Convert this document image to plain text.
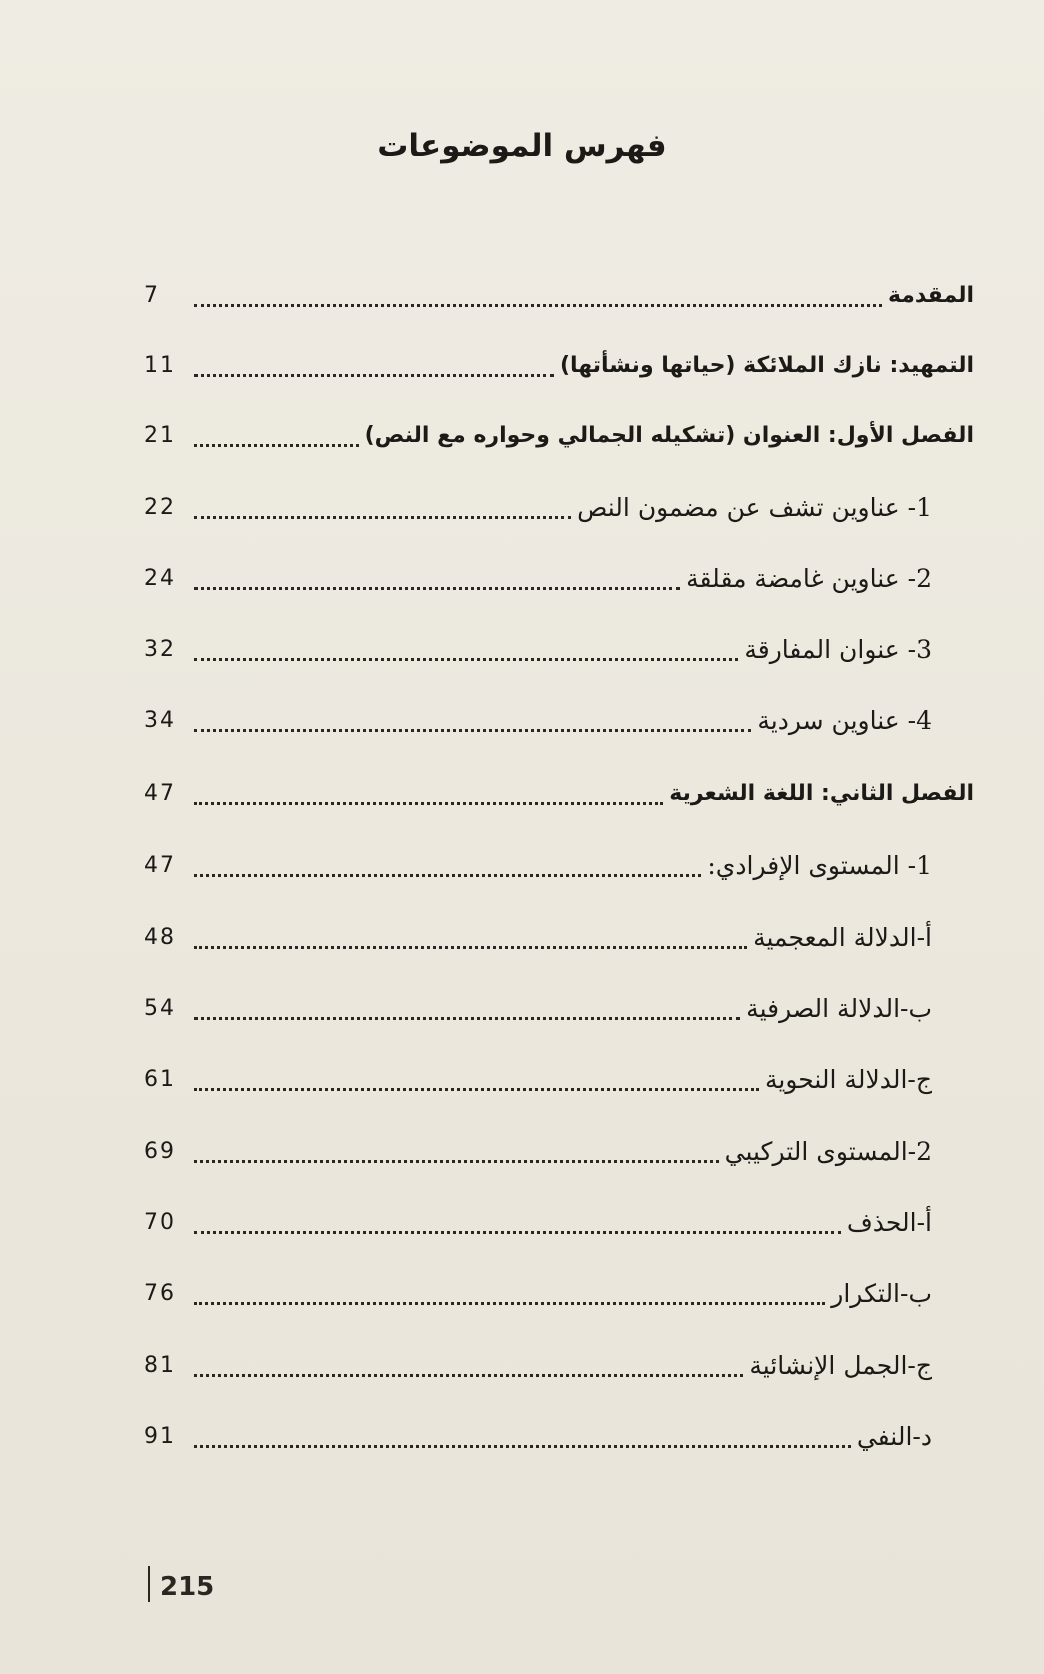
فهرس الموضوعات
المقدمة
7
التمهيد: نازك الملائكة (حياتها ونشأتها)
11
الفصل الأول: العنوان (تشكيله الجمالي وحواره مع النص)
21
1- عناوين تشف عن مضمون النص
22
2- عناوين غامضة مقلقة
24
3- عنوان المفارقة
32
4- عناوين سردية
34
الفصل الثاني: اللغة الشعرية
47
1- المستوى الإفرادي:
47
أ-الدلالة المعجمية
48
ب-الدلالة الصرفية
54
ج-الدلالة النحوية
61
2-المستوى التركيبي
69
أ-الحذف
70
ب-التكرار
76
ج-الجمل الإنشائية
81
د-النفي
91
215
